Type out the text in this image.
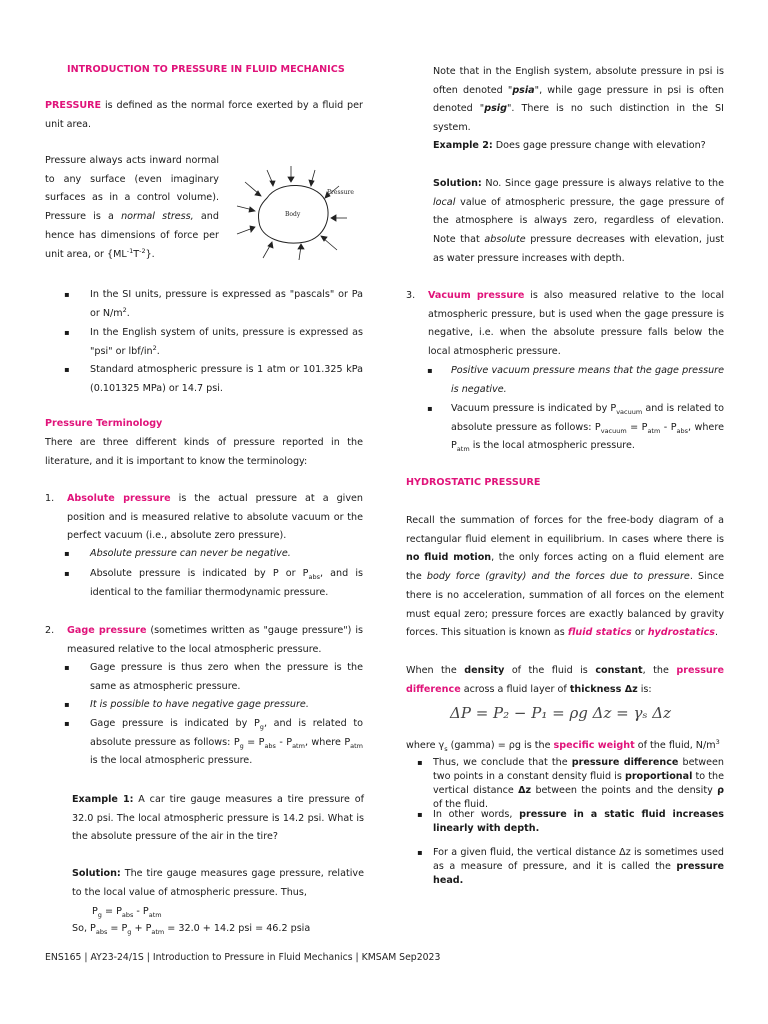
INTRODUCTION TO PRESSURE IN FLUID MECHANICS
PRESSURE is defined as the normal force exerted by a fluid per unit area.
Pressure always acts inward normal to any surface (even imaginary surfaces as in a control volume). Pressure is a normal stress, and hence has dimensions of force per unit area, or $\{ML^{-1}T^{-2}\}$.
Pressure
Body
▪	In the SI units, pressure is expressed as "pascals" or Pa or $N/m^2$.
▪	In the English system of units, pressure is expressed as "psi" or lbf/$in^2$.
▪	Standard atmospheric pressure is 1 atm or 101.325 kPa (0.101325 MPa) or 14.7 psi.
Pressure Terminology
There are three different kinds of pressure reported in the literature, and it is important to know the terminology:
1.	Absolute pressure is the actual pressure at a given position and is measured relative to absolute vacuum or the perfect vacuum (i.e., absolute zero pressure).
▪	Absolute pressure can never be negative.
▪	Absolute pressure is indicated by P or $P_{abs}$, and is identical to the familiar thermodynamic pressure.
2.	Gage pressure (sometimes written as "gauge pressure") is measured relative to the local atmospheric pressure.
▪	Gage pressure is thus zero when the pressure is the same as atmospheric pressure.
▪	It is possible to have negative gage pressure.
▪	Gage pressure is indicated by $P_g$, and is related to absolute pressure as follows: $P_g = P_{abs} - P_{atm}$, where $P_{atm}$ is the local atmospheric pressure.
Example 1: A car tire gauge measures a tire pressure of 32.0 psi. The local atmospheric pressure is 14.2 psi. What is the absolute pressure of the air in the tire?
Solution: The tire gauge measures gage pressure, relative to the local value of atmospheric pressure. Thus,
$P_g = P_{abs} - P_{atm}$
So, $P_{abs} = P_g + P_{atm} = 32.0 + 14.2$ psi = 46.2 psia
Note that in the English system, absolute pressure in psi is often denoted "psia", while gage pressure in psi is often denoted "psig". There is no such distinction in the SI system.
Example 2: Does gage pressure change with elevation?
Solution: No. Since gage pressure is always relative to the local value of atmospheric pressure, the gage pressure of the atmosphere is always zero, regardless of elevation. Note that absolute pressure decreases with elevation, just as water pressure increases with depth.
3.	Vacuum pressure is also measured relative to the local atmospheric pressure, but is used when the gage pressure is negative, i.e. when the absolute pressure falls below the local atmospheric pressure.
▪	Positive vacuum pressure means that the gage pressure is negative.
▪	Vacuum pressure is indicated by $P_{vacuum}$ and is related to absolute pressure as follows: $P_{vacuum} = P_{atm} - P_{abs}$, where $P_{atm}$ is the local atmospheric pressure.
HYDROSTATIC PRESSURE
Recall the summation of forces for the free-body diagram of a rectangular fluid element in equilibrium. In cases where there is no fluid motion, the only forces acting on a fluid element are the body force (gravity) and the forces due to pressure. Since there is no acceleration, summation of all forces on the element must equal zero; pressure forces are exactly balanced by gravity forces. This situation is known as fluid statics or hydrostatics.
When the density of the fluid is constant, the pressure difference across a fluid layer of thickness Δz is:
where $\gamma_s$ (gamma) = ρg is the specific weight of the fluid, $N/m^3$
▪	Thus, we conclude that the pressure difference between two points in a constant density fluid is proportional to the vertical distance Δz between the points and the density ρ of the fluid.
▪	In other words, pressure in a static fluid increases linearly with depth.
▪	For a given fluid, the vertical distance Δz is sometimes used as a measure of pressure, and it is called the pressure head.
ΔP = P₂ − P₁ = ρg Δz = γₛ Δz
ENS165 | AY23-24/1S | Introduction to Pressure in Fluid Mechanics | KMSAM Sep2023
